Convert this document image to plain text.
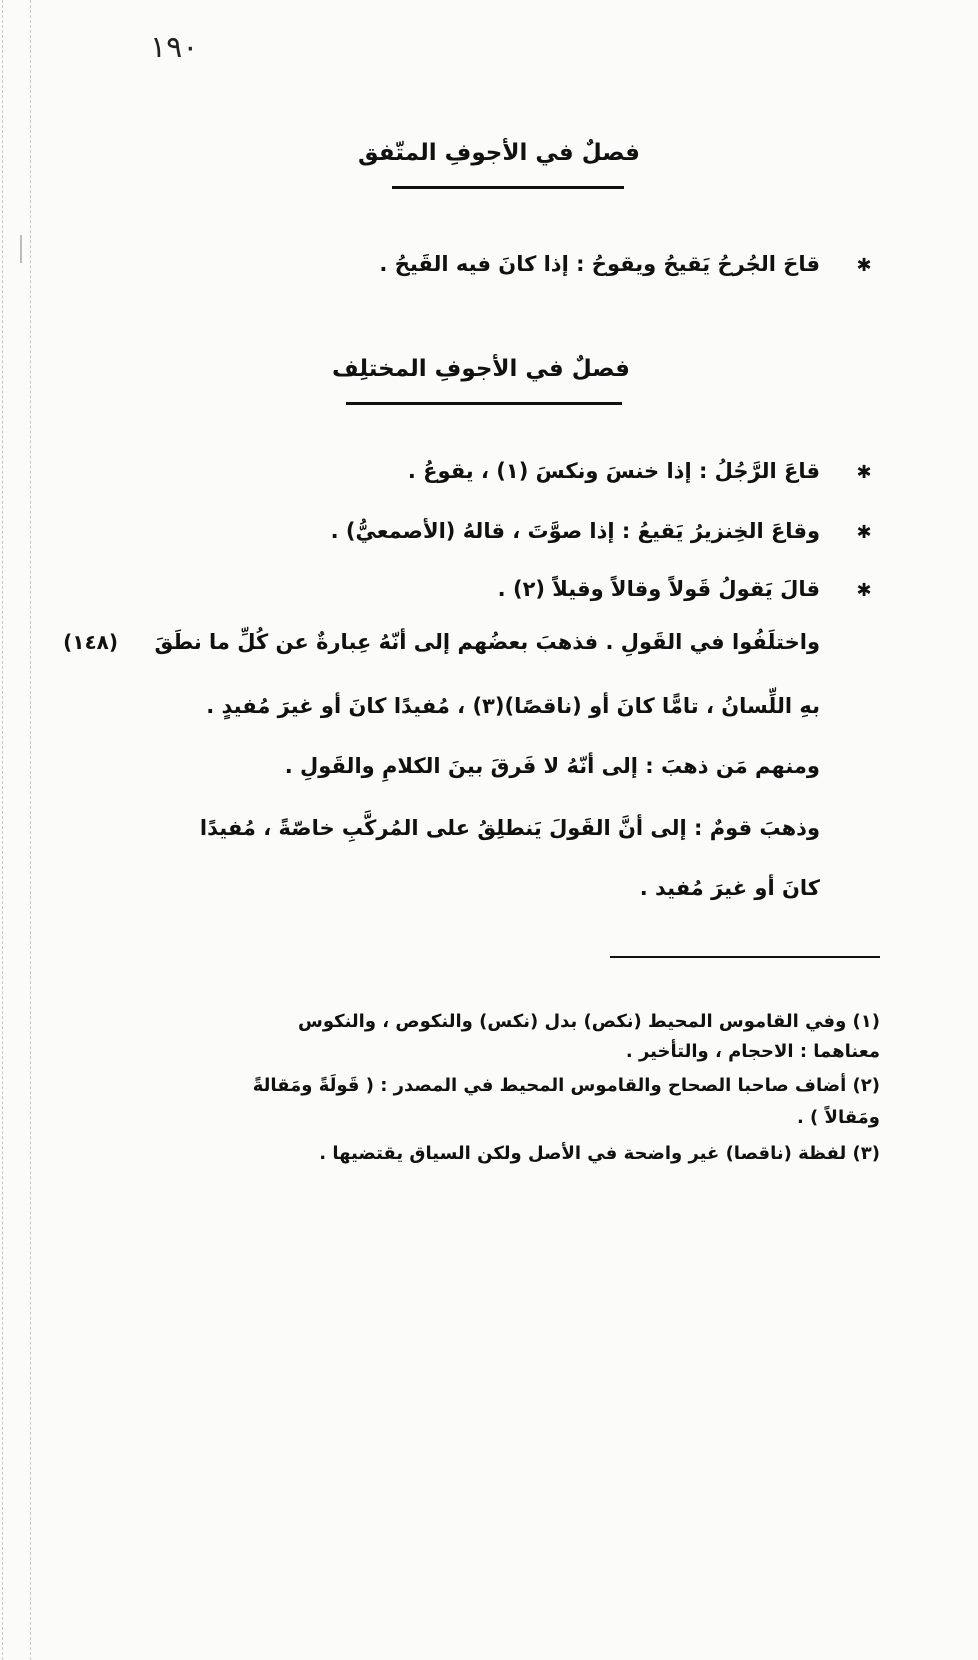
١٩٠
فصلٌ في الأجوفِ المتّفق
✱
قاحَ الجُرحُ يَقيحُ ويقوحُ : إذا كانَ فيه القَيحُ .
فصلٌ في الأجوفِ المختلِف
✱
قاعَ الرَّجُلُ : إذا خنسَ ونكسَ (١) ، يقوعُ .
✱
وقاعَ الخِنزيرُ يَقيعُ : إذا صوَّتَ ، قالهُ (الأصمعيُّ) .
✱
قالَ يَقولُ قَولاً وقالاً وقيلاً (٢) .
(١٤٨)	واختلَفُوا في القَولِ . فذهبَ بعضُهم إلى أنّهُ عِبارةٌ عن كُلِّ ما نطَقَ
بهِ اللِّسانُ ، تامًّا كانَ أو (ناقصًا)(٣) ، مُفيدًا كانَ أو غيرَ مُفيدٍ .
ومنهم مَن ذهبَ : إلى أنّهُ لا فَرقَ بينَ الكلامِ والقَولِ .
وذهبَ قومٌ : إلى أنَّ القَولَ يَنطلِقُ على المُركَّبِ خاصّةً ، مُفيدًا
كانَ أو غيرَ مُفيد .
(١) وفي القاموس المحيط (نكص) بدل (نكس) والنكوص ، والنكوس
معناهما : الاحجام ، والتأخير .
(٢) أضاف صاحبا الصحاح والقاموس المحيط في المصدر : ( قَولَةً ومَقالةً
ومَقالاً ) .
(٣) لفظة (ناقصا) غير واضحة في الأصل ولكن السياق يقتضيها .
